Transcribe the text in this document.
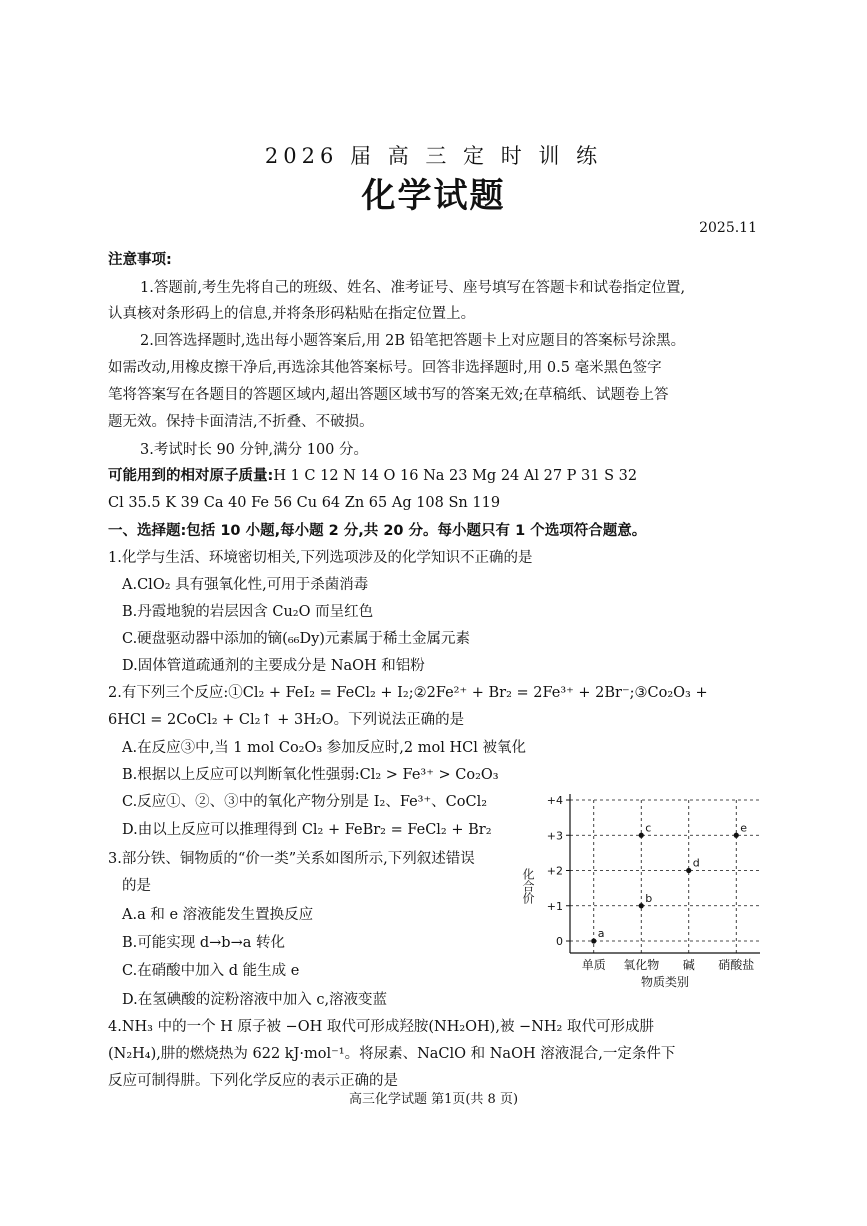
2026 届 高 三 定 时 训 练
化学试题
2025.11
注意事项:
1.答题前,考生先将自己的班级、姓名、准考证号、座号填写在答题卡和试卷指定位置,
认真核对条形码上的信息,并将条形码粘贴在指定位置上。
2.回答选择题时,选出每小题答案后,用 2B 铅笔把答题卡上对应题目的答案标号涂黑。
如需改动,用橡皮擦干净后,再选涂其他答案标号。回答非选择题时,用 0.5 毫米黑色签字
笔将答案写在各题目的答题区域内,超出答题区域书写的答案无效;在草稿纸、试题卷上答
题无效。保持卡面清洁,不折叠、不破损。
3.考试时长 90 分钟,满分 100 分。
可能用到的相对原子质量:H 1 C 12 N 14 O 16 Na 23 Mg 24 Al 27 P 31 S 32
Cl 35.5 K 39 Ca 40 Fe 56 Cu 64 Zn 65 Ag 108 Sn 119
一、选择题:包括 10 小题,每小题 2 分,共 20 分。每小题只有 1 个选项符合题意。
1.化学与生活、环境密切相关,下列选项涉及的化学知识不正确的是
A.ClO₂ 具有强氧化性,可用于杀菌消毒
B.丹霞地貌的岩层因含 Cu₂O 而呈红色
C.硬盘驱动器中添加的镝(₆₆Dy)元素属于稀土金属元素
D.固体管道疏通剂的主要成分是 NaOH 和铝粉
2.有下列三个反应:①Cl₂ + FeI₂ = FeCl₂ + I₂;②2Fe²⁺ + Br₂ = 2Fe³⁺ + 2Br⁻;③Co₂O₃ +
6HCl = 2CoCl₂ + Cl₂↑ + 3H₂O。下列说法正确的是
A.在反应③中,当 1 mol Co₂O₃ 参加反应时,2 mol HCl 被氧化
B.根据以上反应可以判断氧化性强弱:Cl₂ > Fe³⁺ > Co₂O₃
C.反应①、②、③中的氧化产物分别是 I₂、Fe³⁺、CoCl₂
D.由以上反应可以推理得到 Cl₂ + FeBr₂ = FeCl₂ + Br₂
3.部分铁、铜物质的“价一类”关系如图所示,下列叙述错误
的是
A.a 和 e 溶液能发生置换反应
B.可能实现 d→b→a 转化
C.在硝酸中加入 d 能生成 e
D.在氢碘酸的淀粉溶液中加入 c,溶液变蓝
化合价
物质类别
0
+1
+2
+3
+4
单质 氧化物 碱 硝酸盐
a
b
c
d
e
4.NH₃ 中的一个 H 原子被 −OH 取代可形成羟胺(NH₂OH),被 −NH₂ 取代可形成肼
(N₂H₄),肼的燃烧热为 622 kJ·mol⁻¹。将尿素、NaClO 和 NaOH 溶液混合,一定条件下
反应可制得肼。下列化学反应的表示正确的是
高三化学试题 第1页(共 8 页)
